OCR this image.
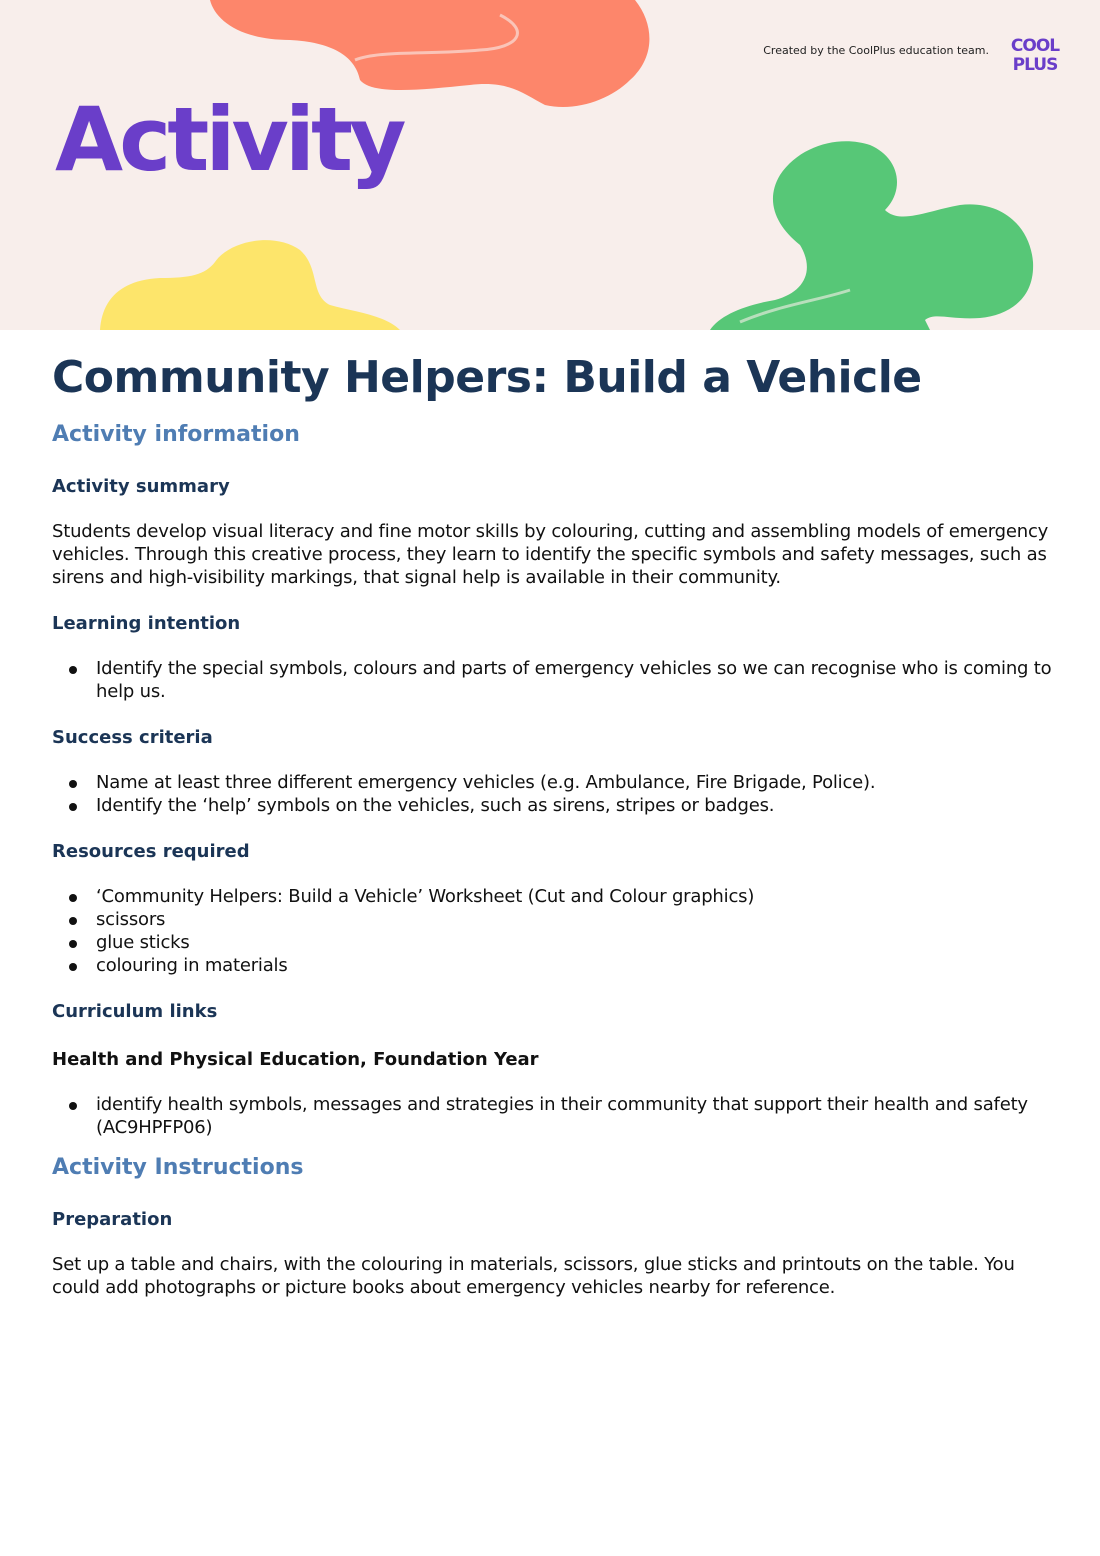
Created by the CoolPlus education team. COOL
PLUS
Activity
Community Helpers: Build a Vehicle
Activity information
Activity summary

Students develop visual literacy and fine motor skills by colouring, cutting and assembling models of emergency vehicles. Through this creative process, they learn to identify the specific symbols and safety messages, such as sirens and high-visibility markings, that signal help is available in their community.

Learning intention
Identify the special symbols, colours and parts of emergency vehicles so we can recognise who is coming to help us.
Success criteria
Name at least three different emergency vehicles (e.g. Ambulance, Fire Brigade, Police).
Identify the ‘help’ symbols on the vehicles, such as sirens, stripes or badges.
Resources required
‘Community Helpers: Build a Vehicle’ Worksheet (Cut and Colour graphics)
scissors
glue sticks
colouring in materials
Curriculum links
Health and Physical Education, Foundation Year
identify health symbols, messages and strategies in their community that support their health and safety (AC9HPFP06)
Activity Instructions
Preparation

Set up a table and chairs, with the colouring in materials, scissors, glue sticks and printouts on the table. You could add photographs or picture books about emergency vehicles nearby for reference.
